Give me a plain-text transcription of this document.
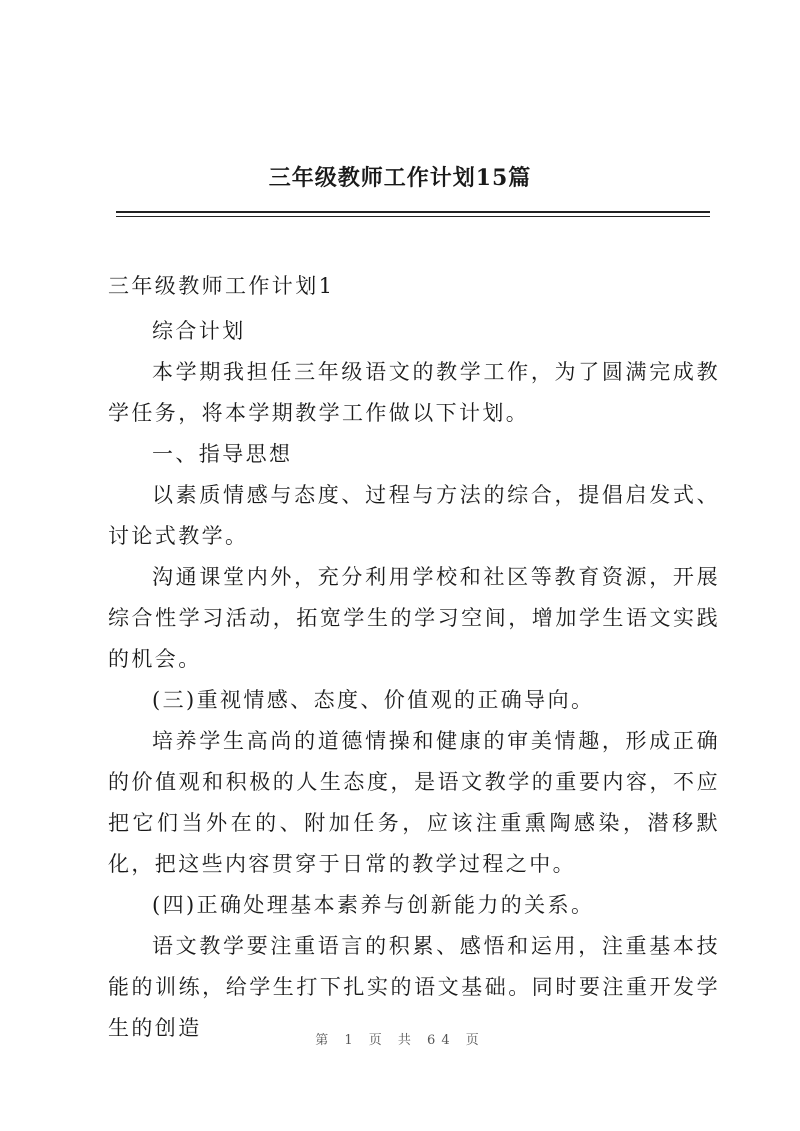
三年级教师工作计划15篇

三年级教师工作计划1

综合计划

本学期我担任三年级语文的教学工作，为了圆满完成教学任务，将本学期教学工作做以下计划。

一、指导思想

以素质情感与态度、过程与方法的综合，提倡启发式、讨论式教学。

沟通课堂内外，充分利用学校和社区等教育资源，开展综合性学习活动，拓宽学生的学习空间，增加学生语文实践的机会。

(三)重视情感、态度、价值观的正确导向。

培养学生高尚的道德情操和健康的审美情趣，形成正确的价值观和积极的人生态度，是语文教学的重要内容，不应把它们当外在的、附加任务，应该注重熏陶感染，潜移默化，把这些内容贯穿于日常的教学过程之中。

(四)正确处理基本素养与创新能力的关系。

语文教学要注重语言的积累、感悟和运用，注重基本技能的训练，给学生打下扎实的语文基础。同时要注重开发学生的创造

第 1 页 共 64 页
